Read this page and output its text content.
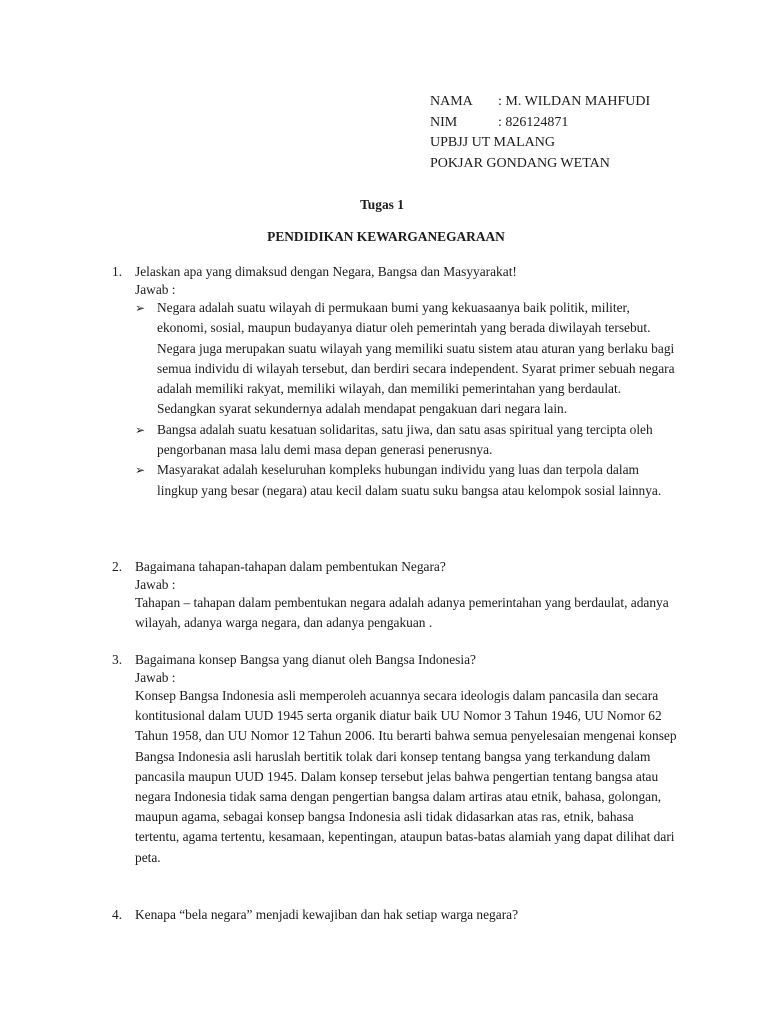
NAMA : M. WILDAN MAHFUDI
NIM	: 826124871
UPBJJ UT MALANG
POKJAR GONDANG WETAN
Tugas 1
PENDIDIKAN KEWARGANEGARAAN
1. Jelaskan apa yang dimaksud dengan Negara, Bangsa dan Masyyarakat!
Jawab :
➢ Negara adalah suatu wilayah di permukaan bumi yang kekuasaanya baik politik, militer, ekonomi, sosial, maupun budayanya diatur oleh pemerintah yang berada diwilayah tersebut. Negara juga merupakan suatu wilayah yang memiliki suatu sistem atau aturan yang berlaku bagi semua individu di wilayah tersebut, dan berdiri secara independent. Syarat primer sebuah negara adalah memiliki rakyat, memiliki wilayah, dan memiliki pemerintahan yang berdaulat. Sedangkan syarat sekundernya adalah mendapat pengakuan dari negara lain.
➢ Bangsa adalah suatu kesatuan solidaritas, satu jiwa, dan satu asas spiritual yang tercipta oleh pengorbanan masa lalu demi masa depan generasi penerusnya.
➢ Masyarakat adalah keseluruhan kompleks hubungan individu yang luas dan terpola dalam lingkup yang besar (negara) atau kecil dalam suatu suku bangsa atau kelompok sosial lainnya.
2. Bagaimana tahapan-tahapan dalam pembentukan Negara?
Jawab :
Tahapan – tahapan dalam pembentukan negara adalah adanya pemerintahan yang berdaulat, adanya wilayah, adanya warga negara, dan adanya pengakuan .
3. Bagaimana konsep Bangsa yang dianut oleh Bangsa Indonesia?
Jawab :
Konsep Bangsa Indonesia asli memperoleh acuannya secara ideologis dalam pancasila dan secara kontitusional dalam UUD 1945 serta organik diatur baik UU Nomor 3 Tahun 1946, UU Nomor 62 Tahun 1958, dan UU Nomor 12 Tahun 2006. Itu berarti bahwa semua penyelesaian mengenai konsep Bangsa Indonesia asli haruslah bertitik tolak dari konsep tentang bangsa yang terkandung dalam pancasila maupun UUD 1945. Dalam konsep tersebut jelas bahwa pengertian tentang bangsa atau negara Indonesia tidak sama dengan pengertian bangsa dalam artiras atau etnik, bahasa, golongan, maupun agama, sebagai konsep bangsa Indonesia asli tidak didasarkan atas ras, etnik, bahasa tertentu, agama tertentu, kesamaan, kepentingan, ataupun batas-batas alamiah yang dapat dilihat dari peta.
4. Kenapa “bela negara” menjadi kewajiban dan hak setiap warga negara?
